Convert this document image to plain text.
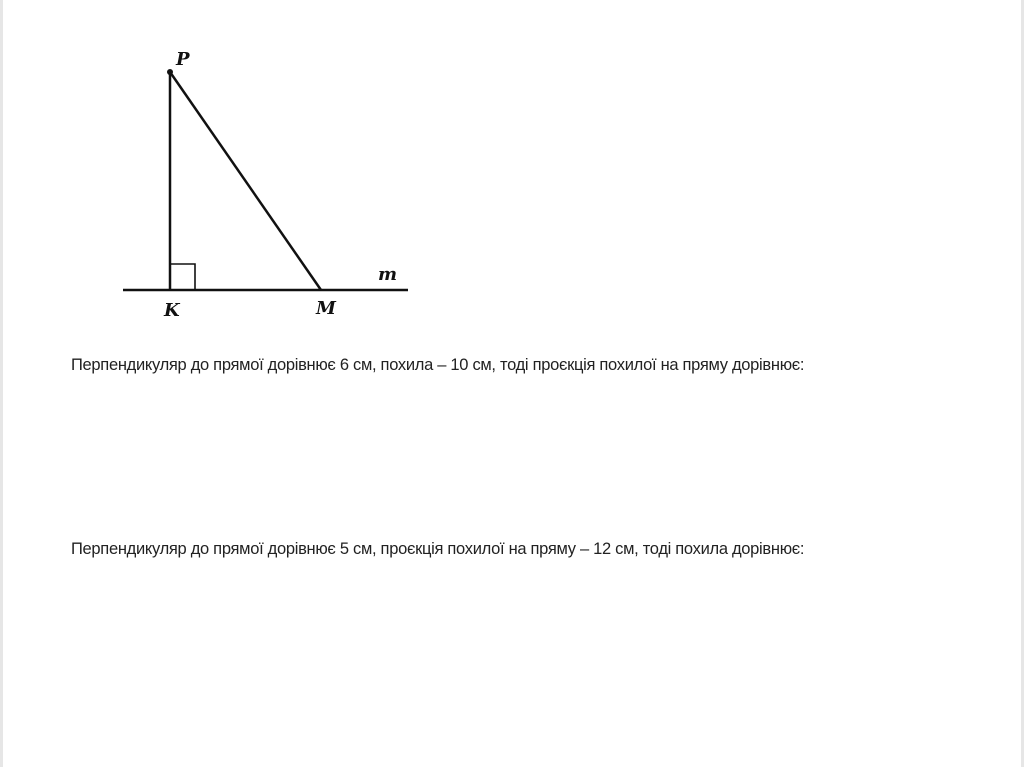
P
K	M
m
Перпендикуляр до прямої дорівнює 6 см, похила – 10 см, тоді проєкція похилої на пряму дорівнює:
Перпендикуляр до прямої дорівнює 5 см, проєкція похилої на пряму – 12 см, тоді похила дорівнює:
